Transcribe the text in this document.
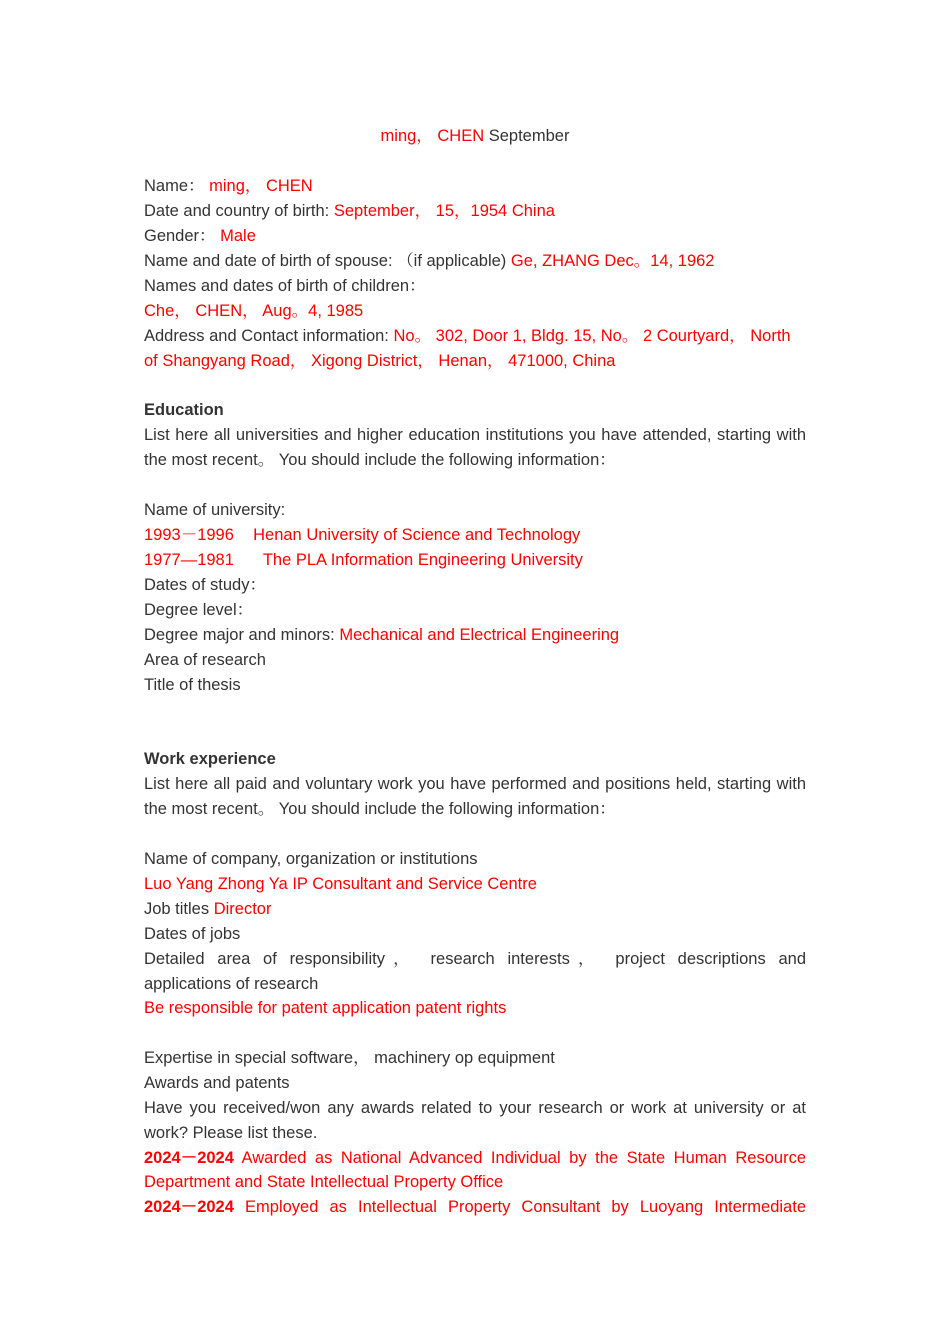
ming， CHEN September
Name： ming， CHEN
Date and country of birth: September， 15，1954 China
Gender： Male
Name and date of birth of spouse: （if applicable) Ge, ZHANG Dec。14, 1962
Names and dates of birth of children：
Che， CHEN， Aug。4, 1985
Address and Contact information: No。 302, Door 1, Bldg. 15, No。 2 Courtyard， North
of Shangyang Road， Xigong District， Henan， 471000, China
Education
List here all universities and higher education institutions you have attended, starting with
the most recent。 You should include the following information：
Name of university:
1993－1996 Henan University of Science and Technology
1977—1981 The PLA Information Engineering University
Dates of study：
Degree level：
Degree major and minors: Mechanical and Electrical Engineering
Area of research
Title of thesis
Work experience
List here all paid and voluntary work you have performed and positions held, starting with
the most recent。 You should include the following information：
Name of company, organization or institutions
Luo Yang Zhong Ya IP Consultant and Service Centre
Job titles Director
Dates of jobs
Detailed area of responsibility， research interests， project descriptions and
applications of research
Be responsible for patent application patent rights
Expertise in special software， machinery op equipment
Awards and patents
Have you received/won any awards related to your research or work at university or at
work? Please list these.
2024－2024 Awarded as National Advanced Individual by the State Human Resource
Department and State Intellectual Property Office
2024－2024 Employed as Intellectual Property Consultant by Luoyang Intermediate
